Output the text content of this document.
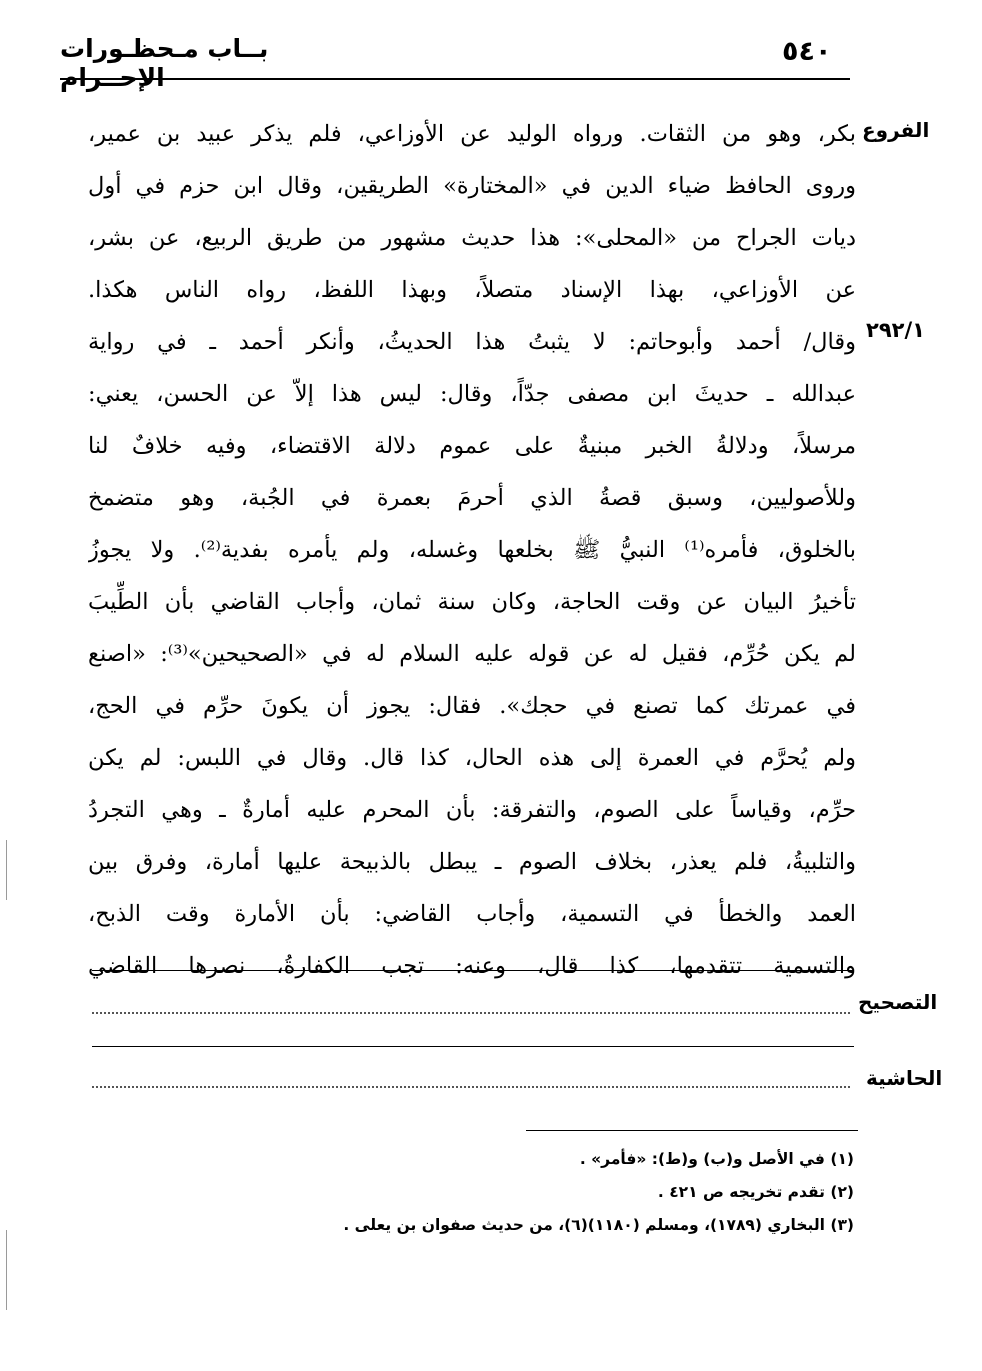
٥٤٠
بــاب مـحظـورات الإحــرام
الفروع
٢٩٢/١
بكر، وهو من الثقات. ورواه الوليد عن الأوزاعي، فلم يذكر عبيد بن عمير،
وروى الحافظ ضياء الدين في «المختارة» الطريقين، وقال ابن حزم في أول
ديات الجراح من «المحلى»: هذا حديث مشهور من طريق الربيع، عن بشر،
عن الأوزاعي، بهذا الإسناد متصلاً، وبهذا اللفظ، رواه الناس هكذا.
وقال/ أحمد وأبوحاتم: لا يثبتُ هذا الحديثُ، وأنكر أحمد ـ في رواية
عبدالله ـ حديثَ ابن مصفى جدّاً، وقال: ليس هذا إلاّ عن الحسن، يعني:
مرسلاً، ودلالةُ الخبر مبنيةٌ على عموم دلالة الاقتضاء، وفيه خلافٌ لنا
وللأصوليين، وسبق قصةُ الذي أحرمَ بعمرة في الجُبة، وهو متضمخ
بالخلوق، فأمره⁽¹⁾ النبيُّ ﷺ بخلعها وغسله، ولم يأمره بفدية⁽²⁾. ولا يجوزُ
تأخيرُ البيان عن وقت الحاجة، وكان سنة ثمان، وأجاب القاضي بأن الطِّيبَ
لم يكن حُرِّم، فقيل له عن قوله عليه السلام له في «الصحيحين»⁽³⁾: «اصنع
في عمرتك كما تصنع في حجك». فقال: يجوز أن يكونَ حرِّم في الحج،
ولم يُحرَّم في العمرة إلى هذه الحال، كذا قال. وقال في اللبس: لم يكن
حرِّم، وقياساً على الصوم، والتفرقة: بأن المحرم عليه أمارةٌ ـ وهي التجردُ
والتلبيةُ، فلم يعذر، بخلاف الصوم ـ يبطل بالذبيحة عليها أمارة، وفرق بين
العمد والخطأ في التسمية، وأجاب القاضي: بأن الأمارة وقت الذبح،
والتسمية تتقدمها، كذا قال، وعنه: تجب الكفارةُ، نصرها القاضي
التصحيح
الحاشية
(١) في الأصل و(ب) و(ط): «فأمر» .
(٢) تقدم تخريجه ص ٤٢١ .
(٣) البخاري (١٧٨٩)، ومسلم (١١٨٠)(٦)، من حديث صفوان بن يعلى .
